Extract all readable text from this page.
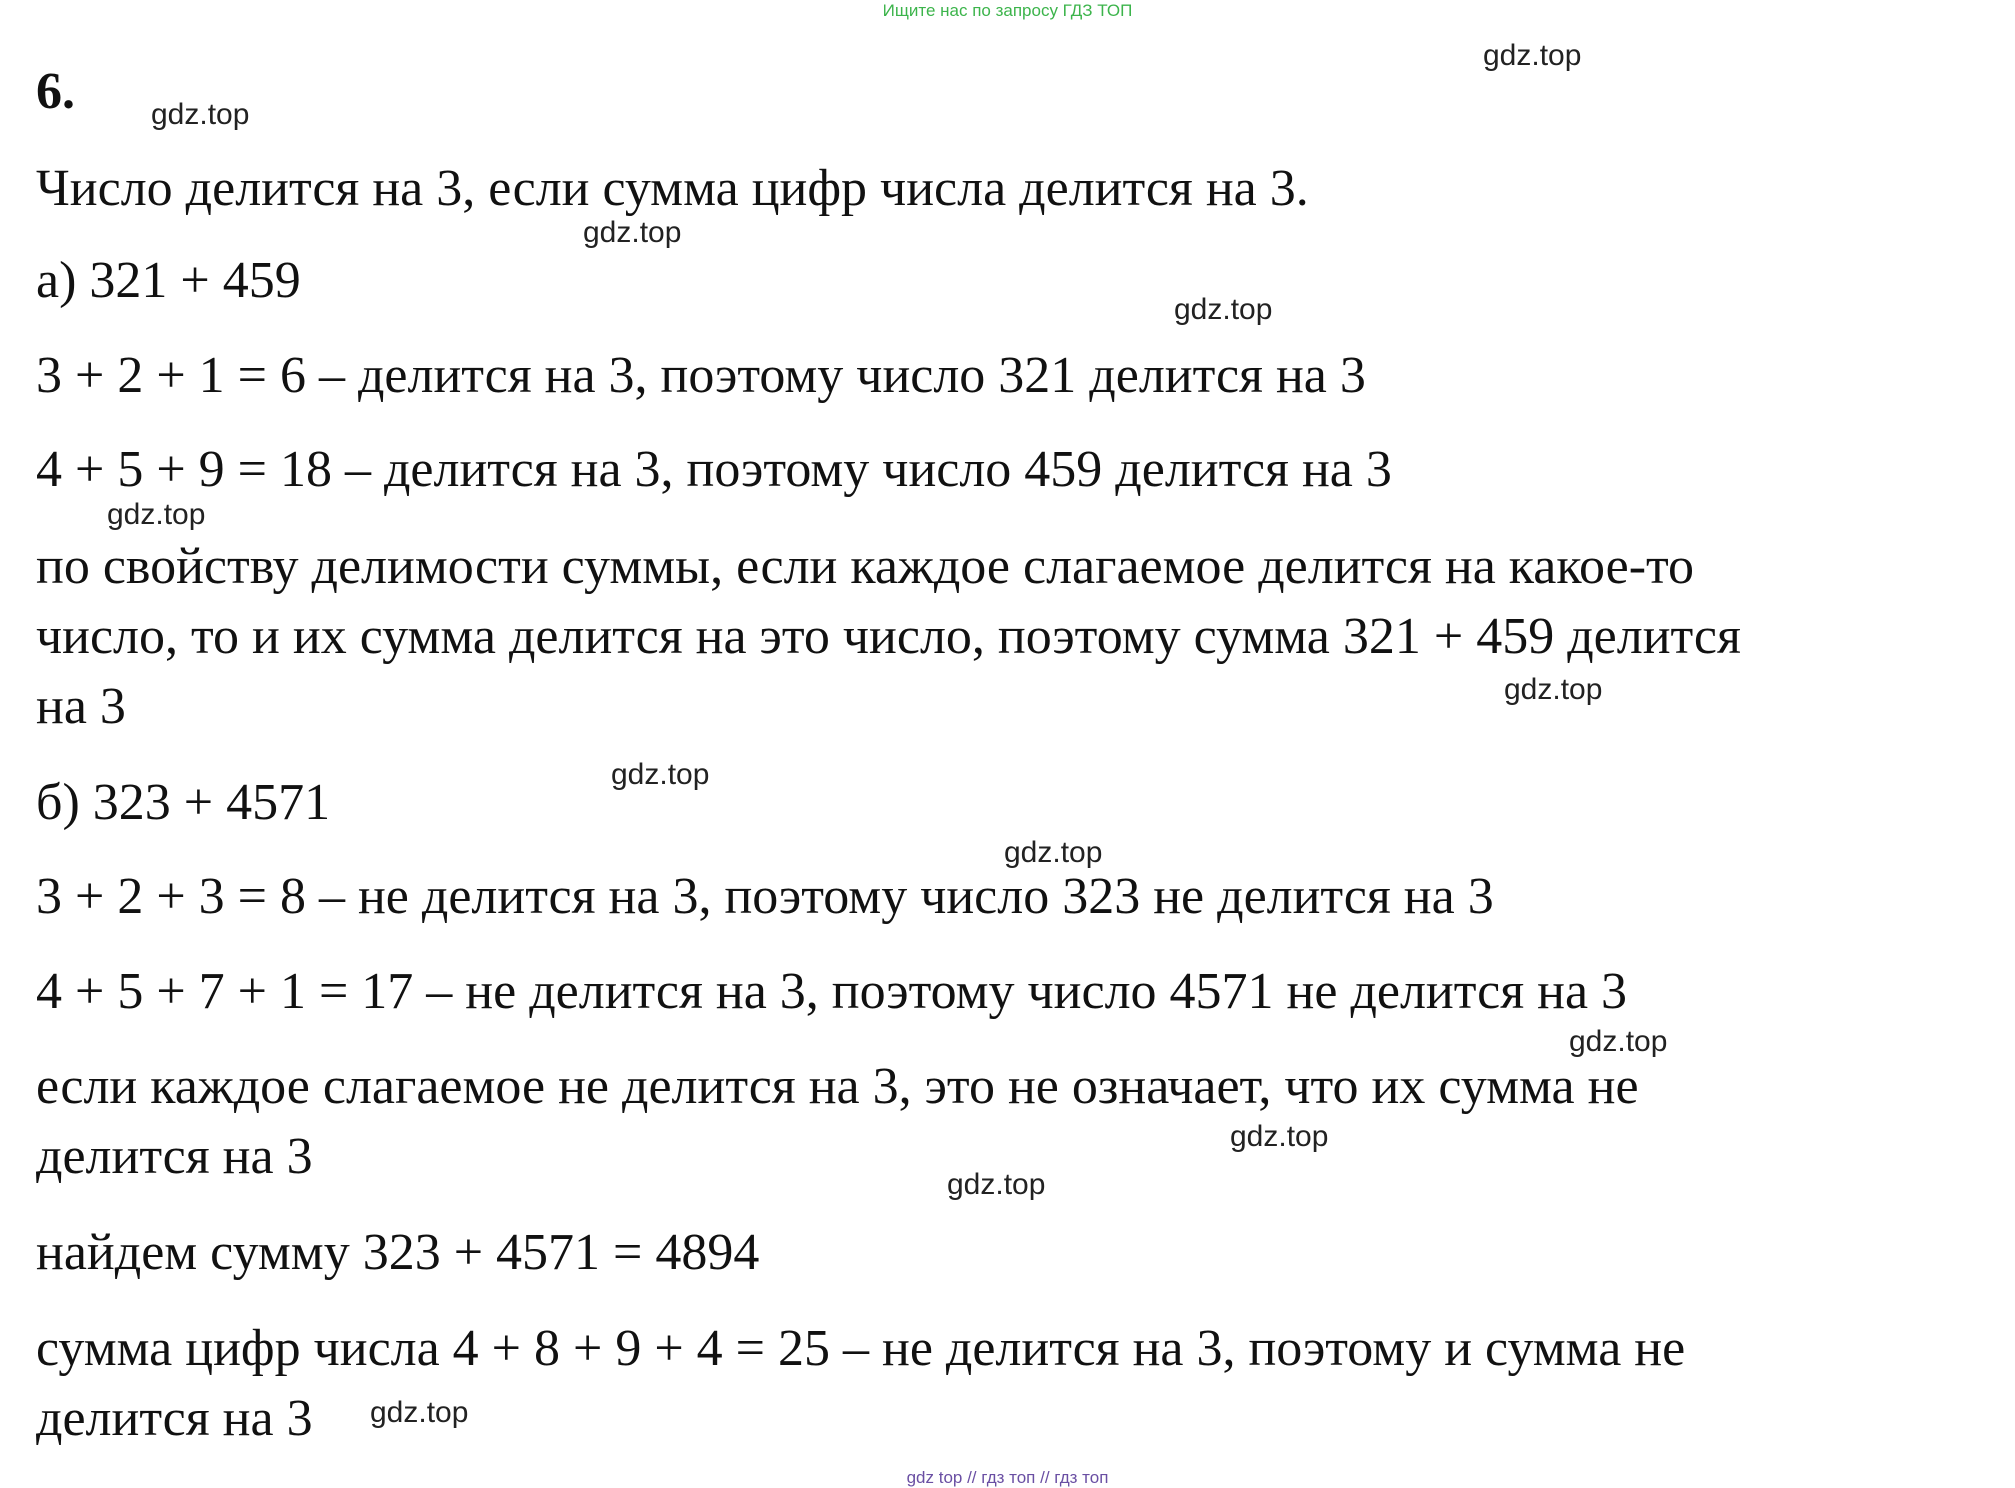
Ищите нас по запросу ГДЗ ТОП
6.
Число делится на 3, если сумма цифр числа делится на 3.
а) 321 + 459
3 + 2 + 1 = 6 – делится на 3, поэтому число 321 делится на 3
4 + 5 + 9 = 18 – делится на 3, поэтому число 459 делится на 3
по свойству делимости суммы, если каждое слагаемое делится на какое-то
число, то и их сумма делится на это число, поэтому сумма 321 + 459 делится
на 3
б) 323 + 4571
3 + 2 + 3 = 8 – не делится на 3, поэтому число 323 не делится на 3
4 + 5 + 7 + 1 = 17 – не делится на 3, поэтому число 4571 не делится на 3
если каждое слагаемое не делится на 3, это не означает, что их сумма не
делится на 3
найдем сумму 323 + 4571 = 4894
сумма цифр числа 4 + 8 + 9 + 4 = 25 – не делится на 3, поэтому и сумма не
делится на 3
gdz.top
gdz.top
gdz.top
gdz.top
gdz.top
gdz.top
gdz.top
gdz.top
gdz.top
gdz.top
gdz.top
gdz.top
gdz top // гдз топ // гдз топ
